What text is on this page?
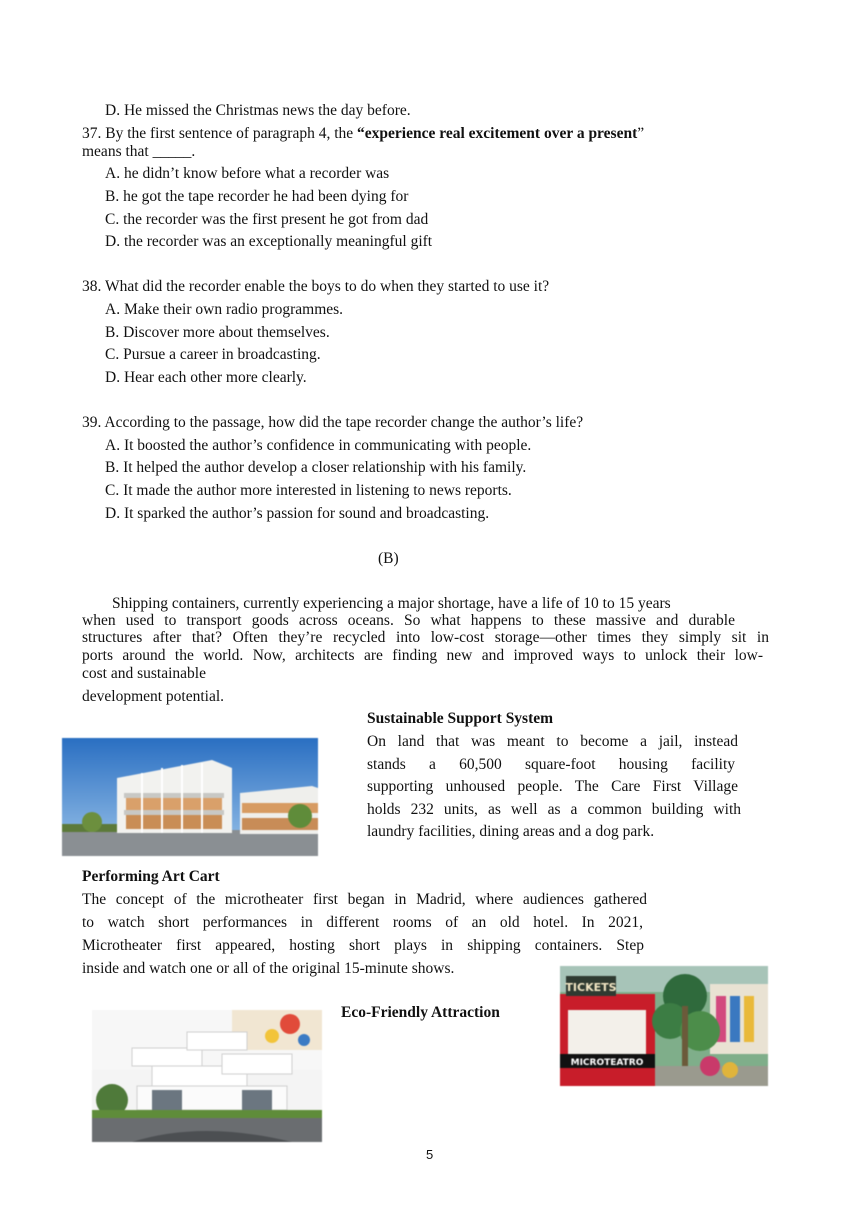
D. He missed the Christmas news the day before.
37. By the first sentence of paragraph 4, the “experience real excitement over a present”
means that _____.
A. he didn’t know before what a recorder was
B. he got the tape recorder he had been dying for
C. the recorder was the first present he got from dad
D. the recorder was an exceptionally meaningful gift
38. What did the recorder enable the boys to do when they started to use it?
A. Make their own radio programmes.
B. Discover more about themselves.
C. Pursue a career in broadcasting.
D. Hear each other more clearly.
39. According to the passage, how did the tape recorder change the author’s life?
A. It boosted the author’s confidence in communicating with people.
B. It helped the author develop a closer relationship with his family.
C. It made the author more interested in listening to news reports.
D. It sparked the author’s passion for sound and broadcasting.
(B)
Shipping containers, currently experiencing a major shortage, have a life of 10 to 15 years
when used to transport goods across oceans. So what happens to these massive and durable
structures after that? Often they’re recycled into low-cost storage—other times they simply sit in
ports around the world. Now, architects are finding new and improved ways to unlock their low-
cost and sustainable
development potential.
Sustainable Support System
On land that was meant to become a jail, instead
stands a 60,500 square-foot housing facility
supporting unhoused people. The Care First Village
holds 232 units, as well as a common building with
laundry facilities, dining areas and a dog park.
Performing Art Cart
The concept of the microtheater first began in Madrid, where audiences gathered
to watch short performances in different rooms of an old hotel. In 2021,
Microtheater first appeared, hosting short plays in shipping containers. Step
inside and watch one or all of the original 15-minute shows.
TICKETS
MICROTEATRO
Eco-Friendly Attraction
5
